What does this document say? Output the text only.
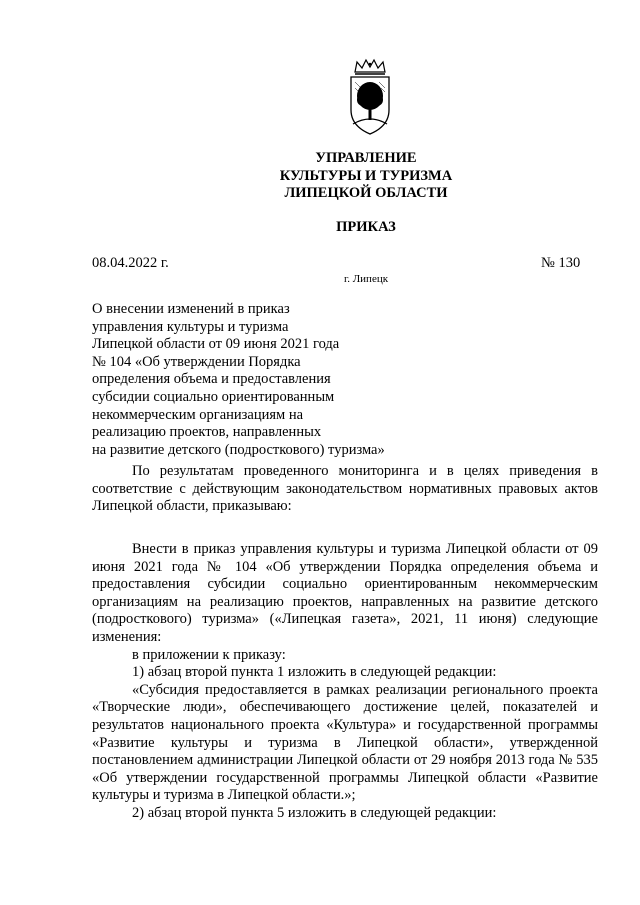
УПРАВЛЕНИЕ
КУЛЬТУРЫ И ТУРИЗМА
ЛИПЕЦКОЙ ОБЛАСТИ
ПРИКАЗ
08.04.2022 г.	№ 130
г. Липецк
О внесении изменений в приказ
управления культуры и туризма
Липецкой области от 09 июня 2021 года
№ 104 «Об утверждении Порядка
определения объема и предоставления
субсидии социально ориентированным
некоммерческим организациям на
реализацию проектов, направленных
на развитие детского (подросткового) туризма»

По результатам проведенного мониторинга и в целях приведения в соответствие с действующим законодательством нормативных правовых актов Липецкой области, приказываю:

Внести в приказ управления культуры и туризма Липецкой области от 09 июня 2021 года № 104 «Об утверждении Порядка определения объема и предоставления субсидии социально ориентированным некоммерческим организациям на реализацию проектов, направленных на развитие детского (подросткового) туризма» («Липецкая газета», 2021, 11 июня) следующие изменения:

в приложении к приказу:

1) абзац второй пункта 1 изложить в следующей редакции:

«Субсидия предоставляется в рамках реализации регионального проекта «Творческие люди», обеспечивающего достижение целей, показателей и результатов национального проекта «Культура» и государственной программы «Развитие культуры и туризма в Липецкой области», утвержденной постановлением администрации Липецкой области от 29 ноября 2013 года № 535 «Об утверждении государственной программы Липецкой области «Развитие культуры и туризма в Липецкой области.»;

2) абзац второй пункта 5 изложить в следующей редакции:
